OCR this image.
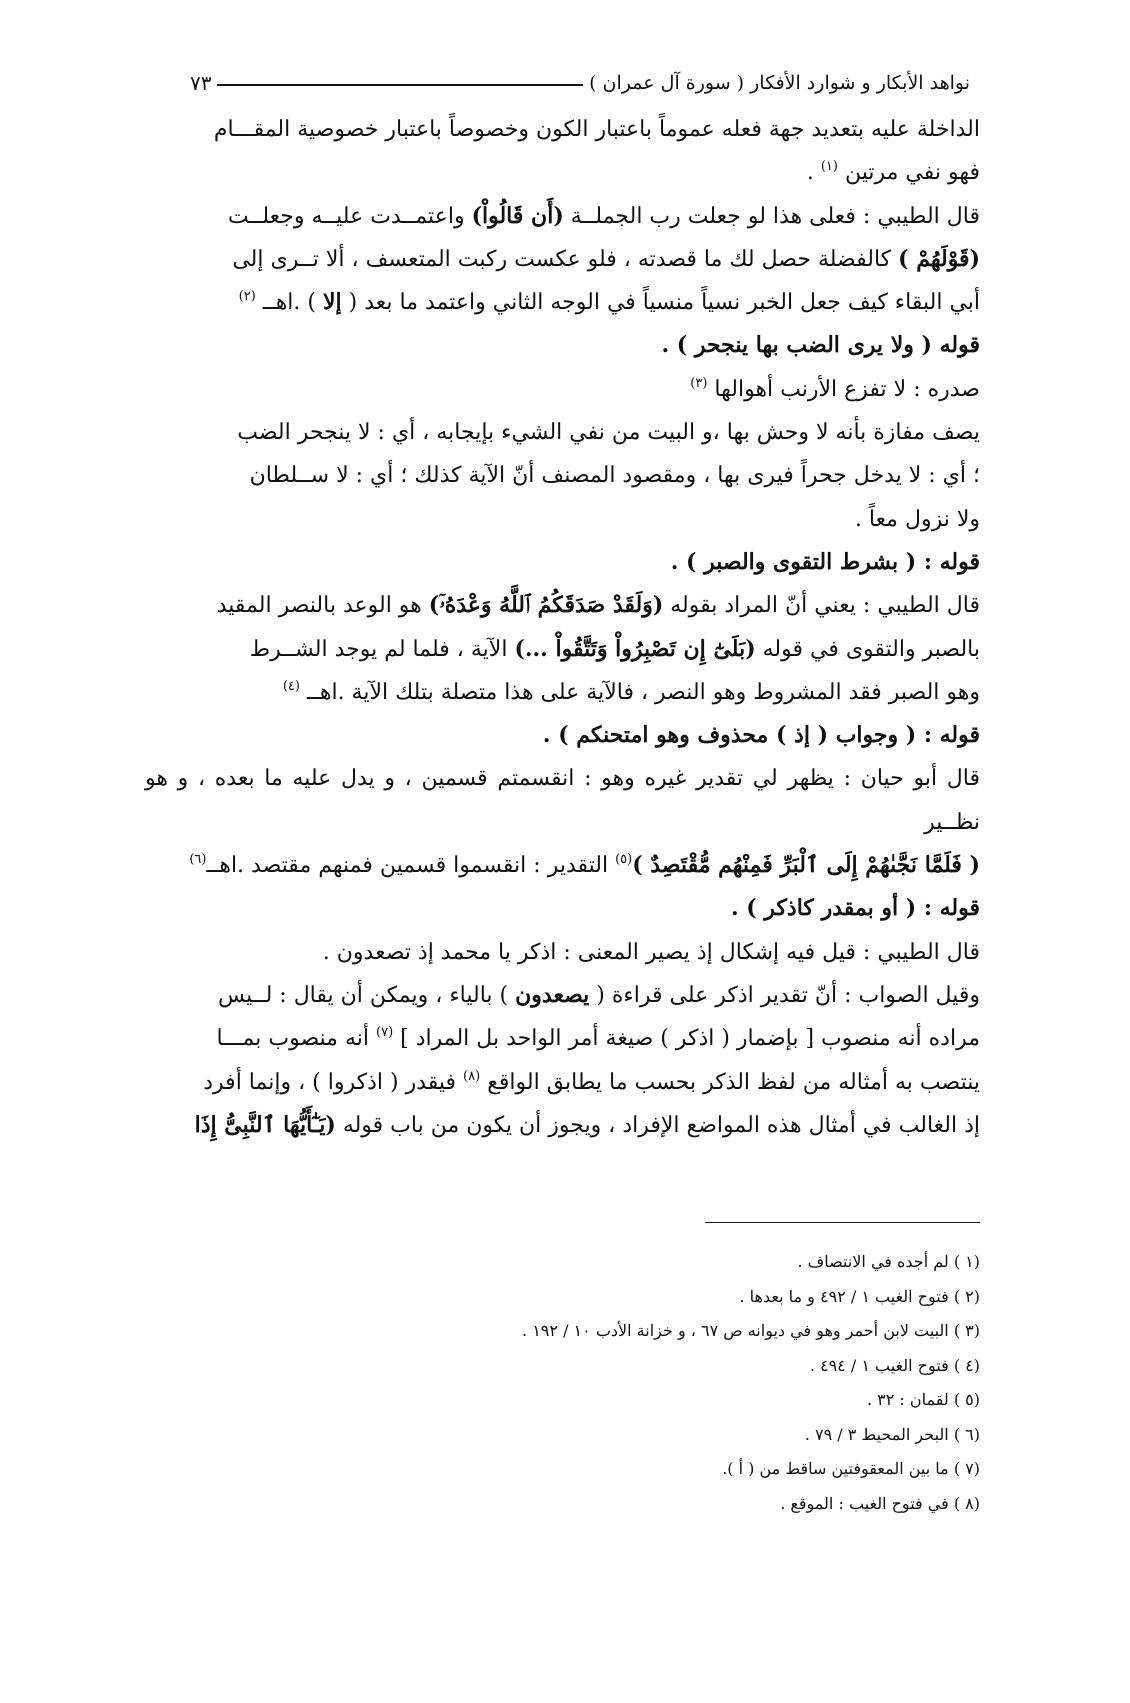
نواهد الأبكار و شوارد الأفكار ( سورة آل عمران )
٧٣

الداخلة عليه بتعديد جهة فعله عموماً باعتبار الكون وخصوصاً باعتبار خصوصية المقـــام

فهو نفي مرتين $^{(١)}$ .

قال الطيبي : فعلى هذا لو جعلت رب الجملــة (أَن قَالُواْ) واعتمــدت عليــه وجعلــت

(قَوْلَهُمْ ) كالفضلة حصل لك ما قصدته ، فلو عكست ركبت المتعسف ، ألا تــرى إلى

أبي البقاء كيف جعل الخبر نسياً منسياً في الوجه الثاني واعتمد ما بعد ( إلا ) .اهــ $^{(٢)}$

قوله ( ولا يرى الضب بها ينجحر ) .

صدره : لا تفزع الأرنب أهوالها $^{(٣)}$

يصف مفازة بأنه لا وحش بها ،و البيت من نفي الشيء بإيجابه ، أي : لا ينجحر الضب

؛ أي : لا يدخل جحراً فيرى بها ، ومقصود المصنف أنّ الآية كذلك ؛ أي : لا ســلطان

ولا نزول معاً .

قوله : ( بشرط التقوى والصبر ) .

قال الطيبي : يعني أنّ المراد بقوله (وَلَقَدْ صَدَقَكُمُ ٱللَّهُ وَعْدَهُۥٓ) هو الوعد بالنصر المقيد

بالصبر والتقوى في قوله (بَلَىٰٓ إِن تَصْبِرُواْ وَتَتَّقُواْ ...) الآية ، فلما لم يوجد الشــرط

وهو الصبر فقد المشروط وهو النصر ، فالآية على هذا متصلة بتلك الآية .اهــ $^{(٤)}$

قوله : ( وجواب ( إذ ) محذوف وهو امتحنكم ) .

قال أبو حيان : يظهر لي تقدير غيره وهو : انقسمتم قسمين ، و يدل عليه ما بعده ، و هو نظــير

( فَلَمَّا نَجَّىٰهُمْ إِلَى ٱلْبَرِّ فَمِنْهُم مُّقْتَصِدٌ )$^{(٥)}$ التقدير : انقسموا قسمين فمنهم مقتصد .اهــ$^{(٦)}$

قوله : ( أو بمقدر كاذكر ) .

قال الطيبي : قيل فيه إشكال إذ يصير المعنى : اذكر يا محمد إذ تصعدون .

وقيل الصواب : أنّ تقدير اذكر على قراءة ( يصعدون ) بالياء ، ويمكن أن يقال : لــيس

مراده أنه منصوب [ بإضمار ( اذكر ) صيغة أمر الواحد بل المراد ] $^{(٧)}$ أنه منصوب بمـــا

ينتصب به أمثاله من لفظ الذكر بحسب ما يطابق الواقع $^{(٨)}$ فيقدر ( اذكروا ) ، وإنما أفرد

إذ الغالب في أمثال هذه المواضع الإفراد ، ويجوز أن يكون من باب قوله (يَـٰٓأَيُّهَا ٱلنَّبِىُّ إِذَا

(١ ) لم أجده في الانتصاف .

(٢ ) فتوح الغيب ١ / ٤٩٢ و ما بعدها .

(٣ ) البيت لابن أحمر وهو في ديوانه ص ٦٧ ، و خزانة الأدب ١٠ / ١٩٢ .

(٤ ) فتوح الغيب ١ / ٤٩٤ .

(٥ ) لقمان : ٣٢ .

(٦ ) البحر المحيط ٣ / ٧٩ .

(٧ ) ما بين المعقوفتين ساقط من ( أ ).

(٨ ) في فتوح الغيب : الموقع .
